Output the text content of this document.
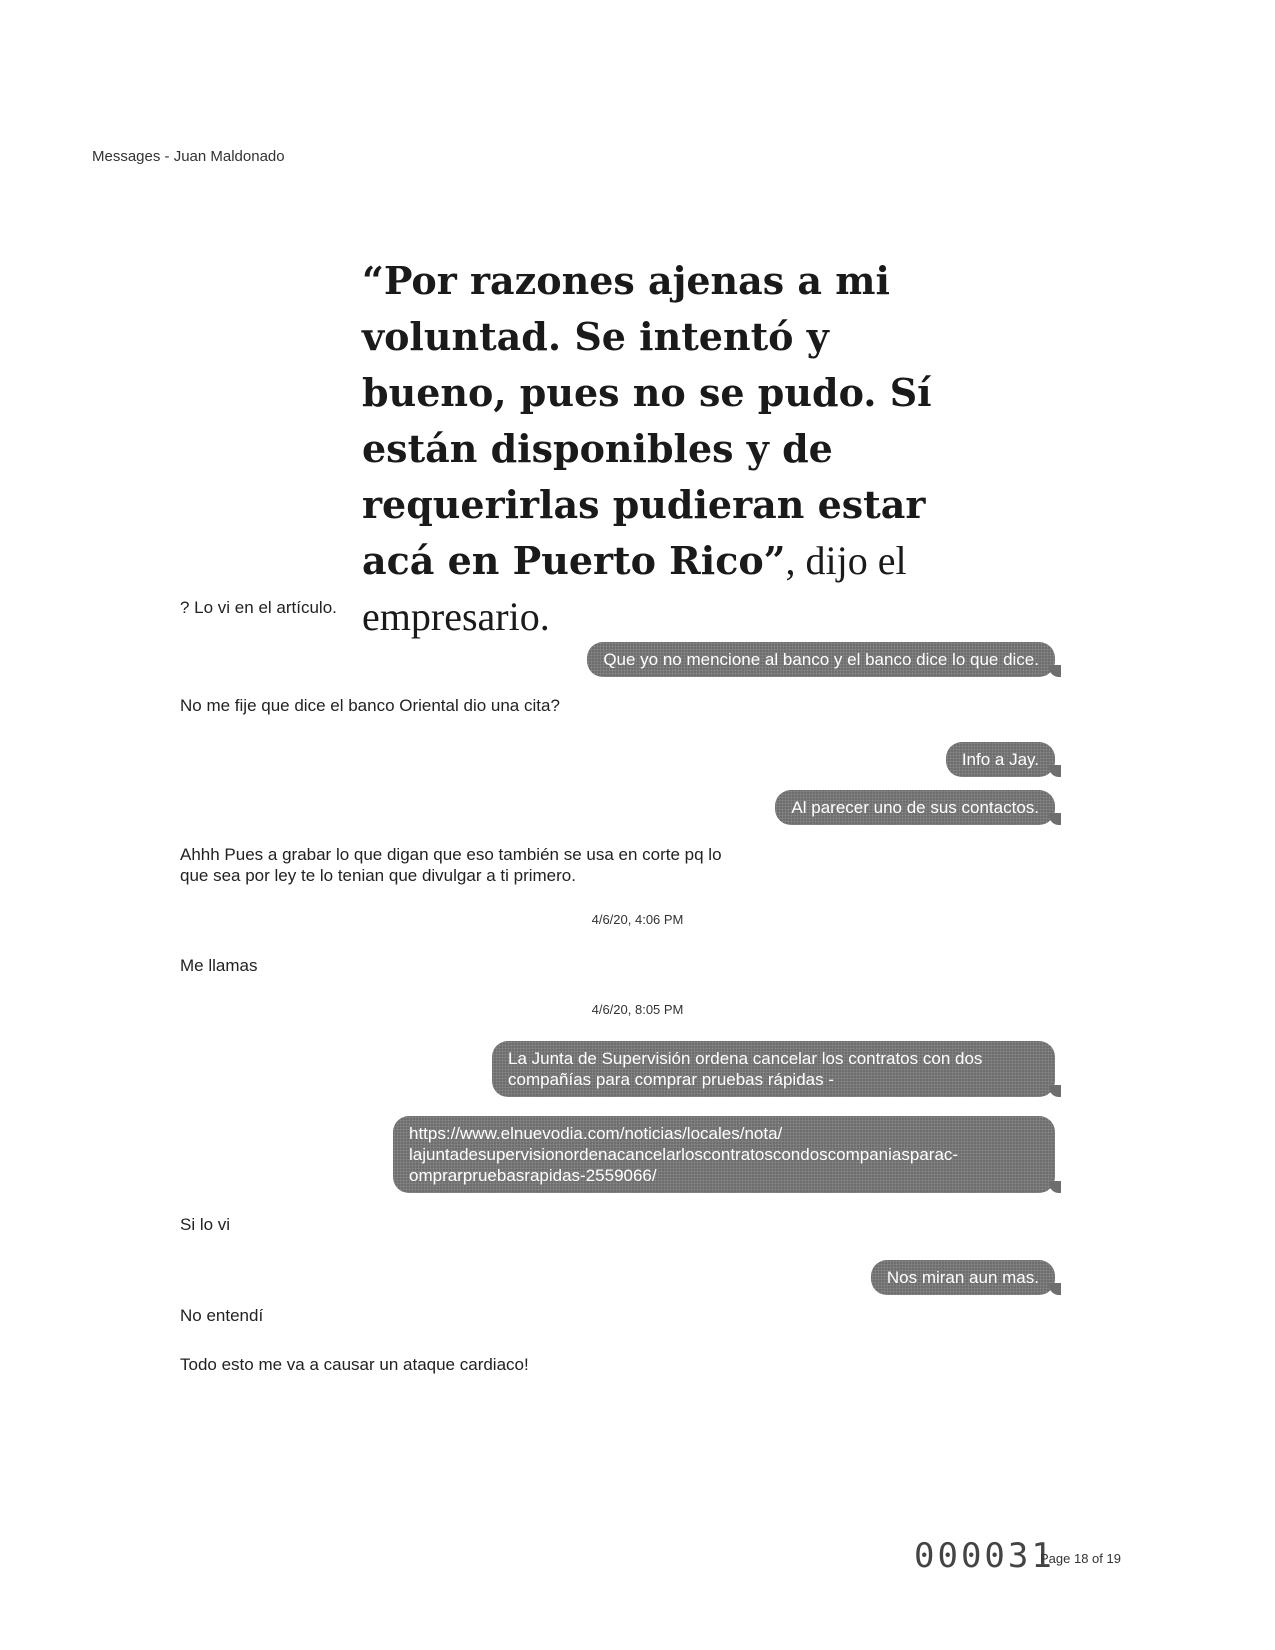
Messages - Juan Maldonado
“Por razones ajenas a mi voluntad. Se intentó y bueno, pues no se pudo. Sí están disponibles y de requerirlas pudieran estar acá en Puerto Rico”, dijo el empresario.
? Lo vi en el artículo.
Que yo no mencione al banco y el banco dice lo que dice.
No me fije que dice el banco Oriental dio una cita?
Info a Jay.
Al parecer uno de sus contactos.
Ahhh Pues a grabar lo que digan que eso también se usa en corte pq lo
que sea por ley te lo tenian que divulgar a ti primero.
4/6/20, 4:06 PM
Me llamas
4/6/20, 8:05 PM
La Junta de Supervisión ordena cancelar los contratos con dos
compañías para comprar pruebas rápidas -
https://www.elnuevodia.com/noticias/locales/nota/
lajuntadesupervisionordenacancelarloscontratoscondoscompaniasparac-
omprarpruebasrapidas-2559066/
Si lo vi
Nos miran aun mas.
No entendí
Todo esto me va a causar un ataque cardiaco!
000031
Page 18 of 19
